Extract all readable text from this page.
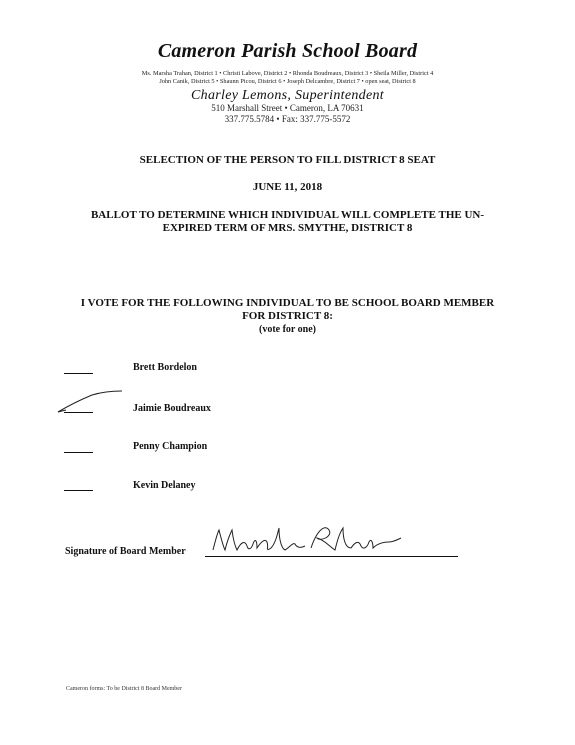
Cameron Parish School Board
Ms. Marsha Trahan, District 1 • Christi Labove, District 2 • Rhonda Boudreaux, District 3 • Sheila Miller, District 4
John Canik, District 5 • Shaunn Picou, District 6 • Joseph Delcambre, District 7 • open seat, District 8
Charley Lemons, Superintendent
510 Marshall Street • Cameron, LA 70631
337.775.5784 • Fax: 337.775-5572
SELECTION OF THE PERSON TO FILL DISTRICT 8 SEAT
JUNE 11, 2018
BALLOT TO DETERMINE WHICH INDIVIDUAL WILL COMPLETE THE UN-
EXPIRED TERM OF MRS. SMYTHE, DISTRICT 8
I VOTE FOR THE FOLLOWING INDIVIDUAL TO BE SCHOOL BOARD MEMBER
FOR DISTRICT 8:
(vote for one)
Brett Bordelon
Jaimie Boudreaux
Penny Champion
Kevin Delaney
Signature of Board Member
Cameron forms: To be District 8 Board Member
